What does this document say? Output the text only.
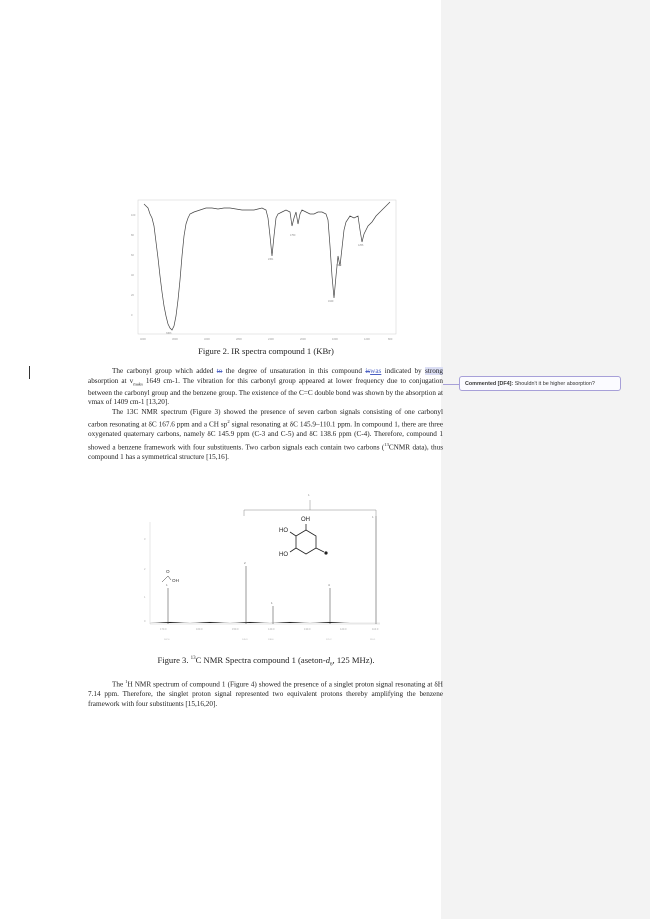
100
80
60
40
20
0
4000	3600	3200	2800	2400	2000	1600	1200	800
3303
2361
1750
1649
1409
1256
Figure 2. IR spectra compound 1 (KBr)

The carbonyl group which added to the degree of unsaturation in this compound iswas indicated by strong absorption at $v_{maks}$ 1649 cm-1. The vibration for this carbonyl group appeared at lower frequency due to conjugation between the carbonyl group and the benzene group. The existence of the C=C double bond was shown by the absorption at vmax of 1409 cm-1 [13,20].

The 13C NMR spectrum (Figure 3) showed the presence of seven carbon signals consisting of one carbonyl carbon resonating at δC 167.6 ppm and a CH $sp^2$ signal resonating at δC 145.9–110.1 ppm. In compound 1, there are three oxygenated quaternary carbons, namely δC 145.9 ppm (C-3 and C-5) and δC 138.6 ppm (C-4). Therefore, compound 1 showed a benzene framework with four substituents. Two carbon signals each contain two carbons ($^{13}$CNMR data), thus compound 1 has a symmetrical structure [15,16].

1
1
OH
HO
HO
3
2
1
0
1
2
1
4
O
OH
170.0	160.0	150.0	140.0	130.0	120.0	110.0
167.6	145.9	138.6	121.2	110.1
Figure 3. $^{13}$C NMR Spectra compound 1 ($aseton-d_6$, 125 MHz).

The $^1$H NMR spectrum of compound 1 (Figure 4) showed the presence of a singlet proton signal resonating at δH 7.14 ppm. Therefore, the singlet proton signal represented two equivalent protons thereby amplifying the benzene framework with four substituents [15,16,20].

Commented [DF4]: Shouldn't it be higher absorption?
